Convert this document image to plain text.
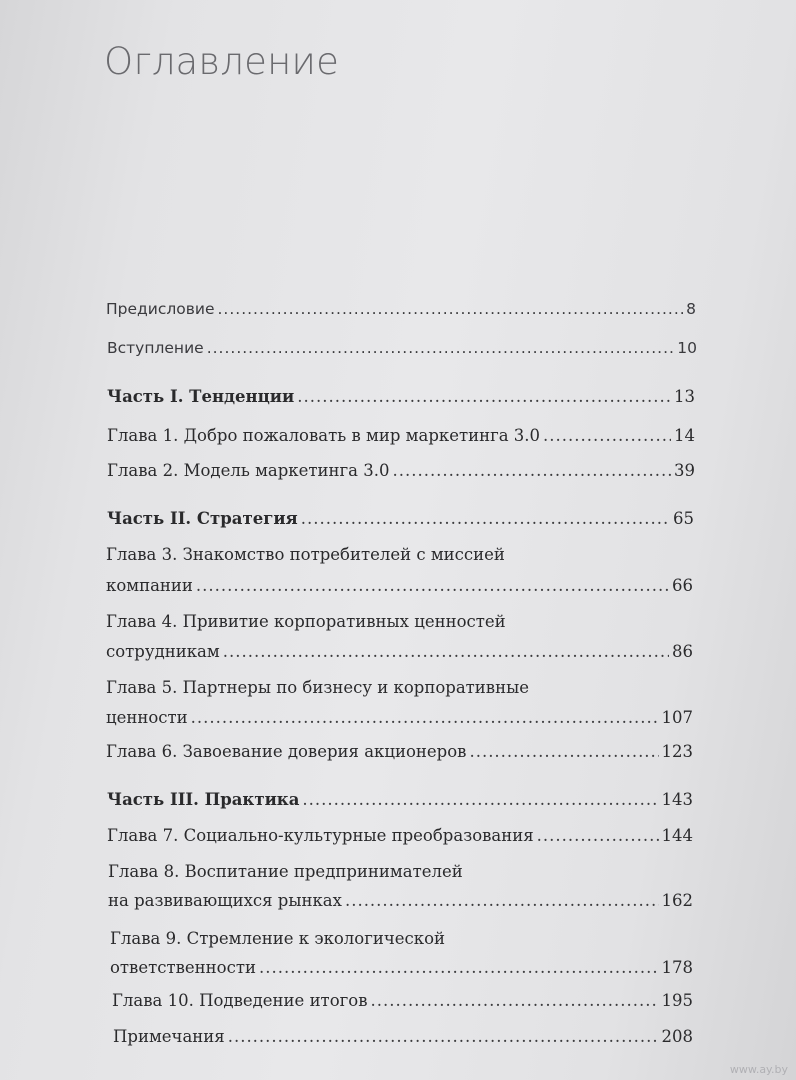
Оглавление
Предисловие .....	8
Вступление .....	10
Часть I. Тенденции .....	13
Глава 1. Добро пожаловать в мир маркетинга 3.0 .....	14
Глава 2. Модель маркетинга 3.0 .....	39
Часть II. Стратегия .....	65
Глава 3. Знакомство потребителей с миссией
компании .....	66
Глава 4. Привитие корпоративных ценностей
сотрудникам .....	86
Глава 5. Партнеры по бизнесу и корпоративные
ценности .....	107
Глава 6. Завоевание доверия акционеров .....	123
Часть III. Практика .....	143
Глава 7. Социально-культурные преобразования .....	144
Глава 8. Воспитание предпринимателей
на развивающихся рынках .....	162
Глава 9. Стремление к экологической
ответственности .....	178
Глава 10. Подведение итогов .....	195
Примечания .....	208
www.ay.by
